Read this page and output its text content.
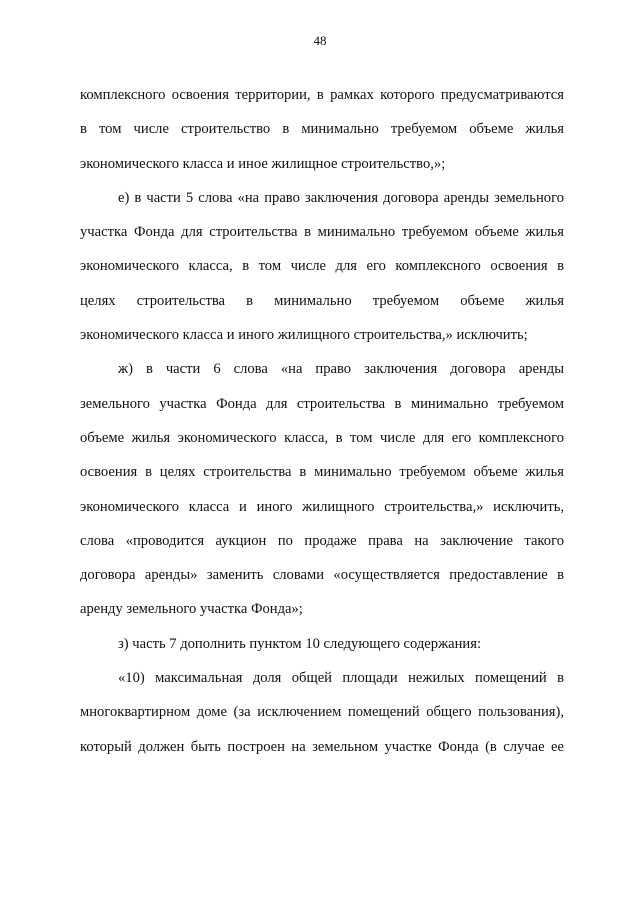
48
комплексного освоения территории, в рамках которого предусматриваются
в том числе строительство в минимально требуемом объеме жилья
экономического класса и иное жилищное строительство,»;
е) в части 5 слова «на право заключения договора аренды земельного
участка Фонда для строительства в минимально требуемом объеме жилья
экономического класса, в том числе для его комплексного освоения в
целях строительства в минимально требуемом объеме жилья
экономического класса и иного жилищного строительства,» исключить;
ж) в части 6 слова «на право заключения договора аренды
земельного участка Фонда для строительства в минимально требуемом
объеме жилья экономического класса, в том числе для его комплексного
освоения в целях строительства в минимально требуемом объеме жилья
экономического класса и иного жилищного строительства,» исключить,
слова «проводится аукцион по продаже права на заключение такого
договора аренды» заменить словами «осуществляется предоставление в
аренду земельного участка Фонда»;
з) часть 7 дополнить пунктом 10 следующего содержания:
«10) максимальная доля общей площади нежилых помещений в
многоквартирном доме (за исключением помещений общего пользования),
который должен быть построен на земельном участке Фонда (в случае ее
